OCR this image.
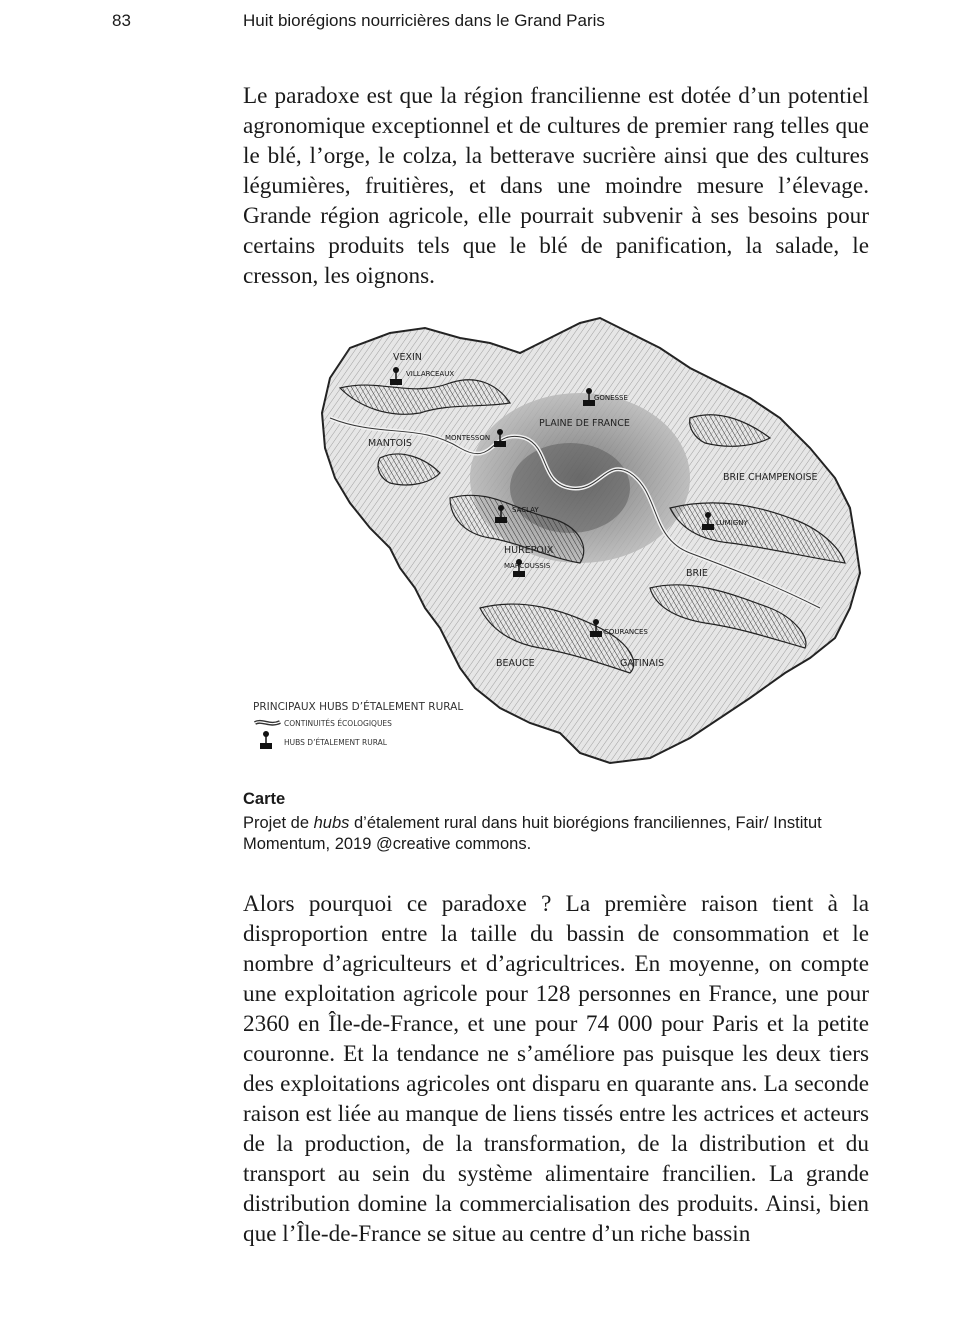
83	Huit biorégions nourricières dans le Grand Paris

Le paradoxe est que la région francilienne est dotée d’un potentiel agronomique exceptionnel et de cultures de premier rang telles que le blé, l’orge, le colza, la betterave sucrière ainsi que des cultures légumières, fruitières, et dans une moindre mesure l’élevage. Grande région agricole, elle pourrait subvenir à ses besoins pour certains produits tels que le blé de panification, la salade, le cresson, les oignons.

VEXIN
MANTOIS
PLAINE DE FRANCE
BRIE CHAMPENOISE
HUREPOIX
BRIE
BEAUCE	GATINAIS
VILLARCEAUX
GONESSE
MONTESSON
SACLAY
LUMIGNY
MARCOUSSIS
COURANCES
PRINCIPAUX HUBS D’ÉTALEMENT RURAL
CONTINUITÉS ÉCOLOGIQUES
HUBS D’ÉTALEMENT RURAL
Carte
Projet de hubs d’étalement rural dans huit biorégions franciliennes, Fair/ Institut Momentum, 2019 @creative commons.

Alors pourquoi ce paradoxe ? La première raison tient à la disproportion entre la taille du bassin de consommation et le nombre d’agriculteurs et d’agricultrices. En moyenne, on compte une exploitation agricole pour 128 personnes en France, une pour 2360 en Île-de-France, et une pour 74 000 pour Paris et la petite couronne. Et la tendance ne s’améliore pas puisque les deux tiers des exploitations agricoles ont disparu en quarante ans. La seconde raison est liée au manque de liens tissés entre les actrices et acteurs de la production, de la transformation, de la distribution et du transport au sein du système alimentaire francilien. La grande distribution domine la commercialisation des produits. Ainsi, bien que l’Île-de-France se situe au centre d’un riche bassin
